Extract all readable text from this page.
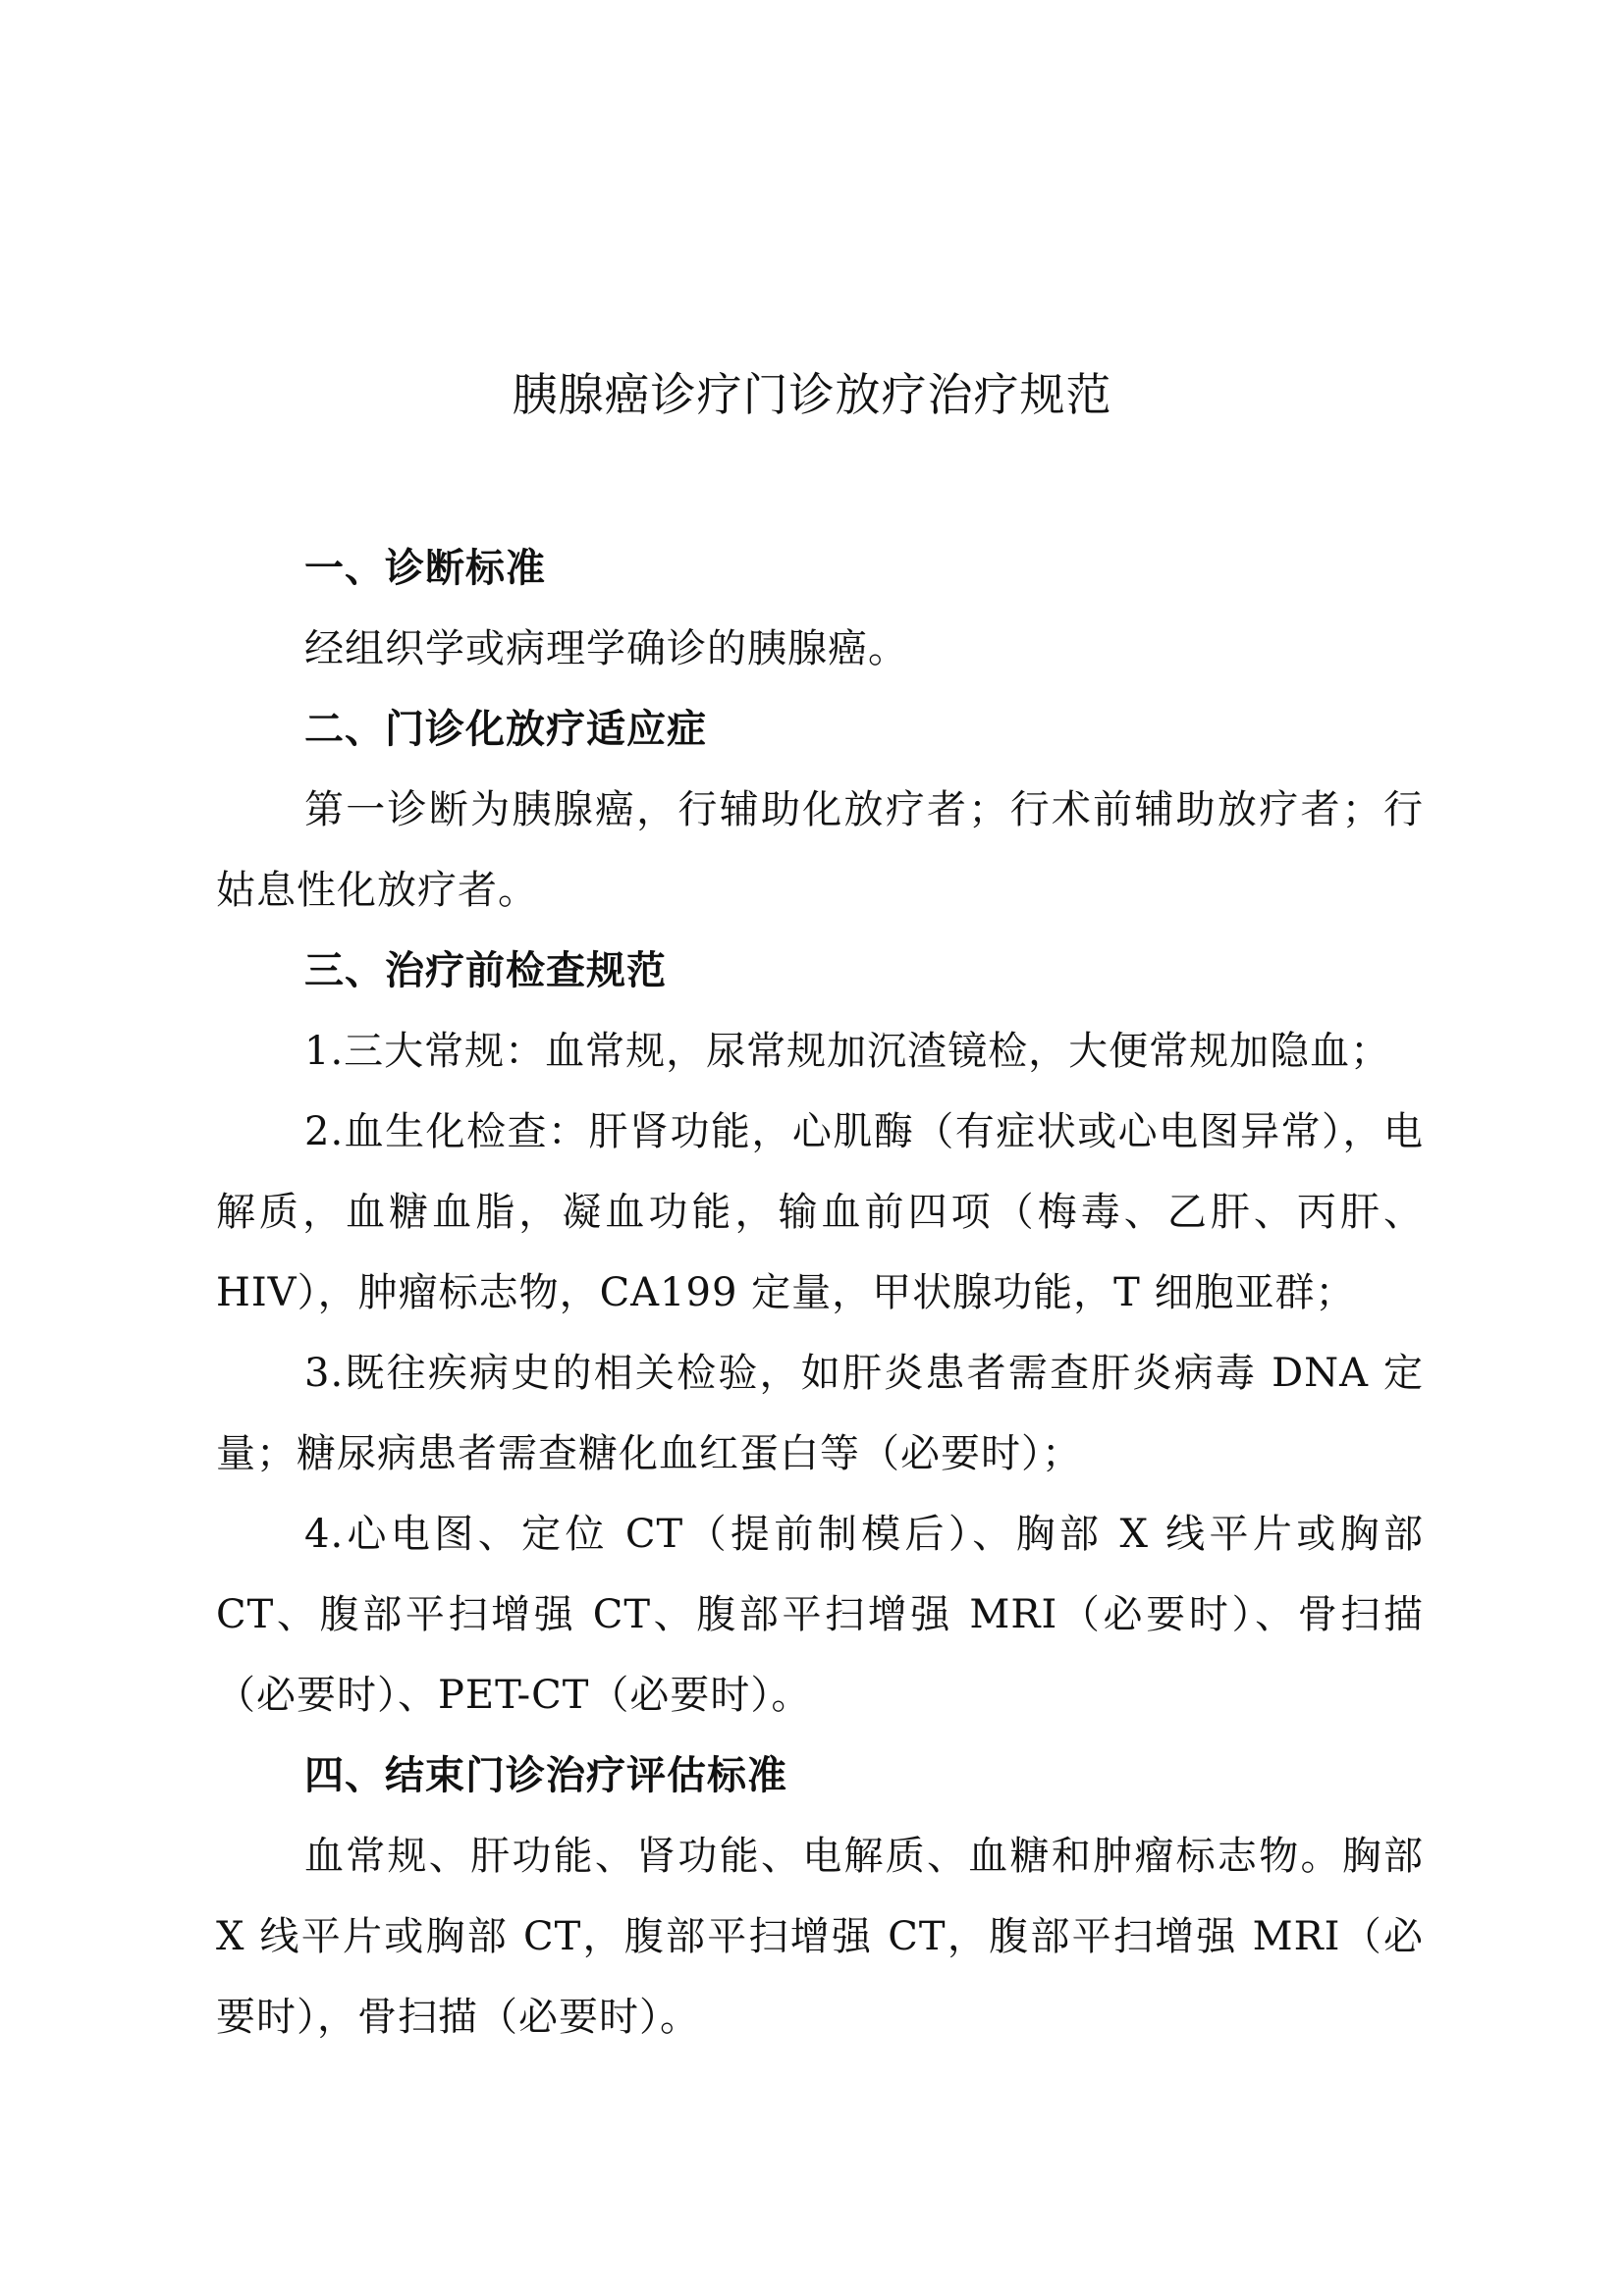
胰腺癌诊疗门诊放疗治疗规范
一、诊断标准

经组织学或病理学确诊的胰腺癌。

二、门诊化放疗适应症

第一诊断为胰腺癌，行辅助化放疗者；行术前辅助放疗者；行姑息性化放疗者。

三、治疗前检查规范

1.三大常规：血常规，尿常规加沉渣镜检，大便常规加隐血；

2.血生化检查：肝肾功能，心肌酶（有症状或心电图异常），电解质，血糖血脂，凝血功能，输血前四项（梅毒、乙肝、丙肝、HIV），肿瘤标志物，CA199 定量，甲状腺功能，T 细胞亚群；

3.既往疾病史的相关检验，如肝炎患者需查肝炎病毒 DNA 定量；糖尿病患者需查糖化血红蛋白等（必要时）；

4.心电图、定位 CT（提前制模后）、胸部 X 线平片或胸部 CT、腹部平扫增强 CT、腹部平扫增强 MRI（必要时）、骨扫描（必要时）、PET-CT（必要时）。

四、结束门诊治疗评估标准

血常规、肝功能、肾功能、电解质、血糖和肿瘤标志物。胸部 X 线平片或胸部 CT，腹部平扫增强 CT，腹部平扫增强 MRI（必要时），骨扫描（必要时）。
